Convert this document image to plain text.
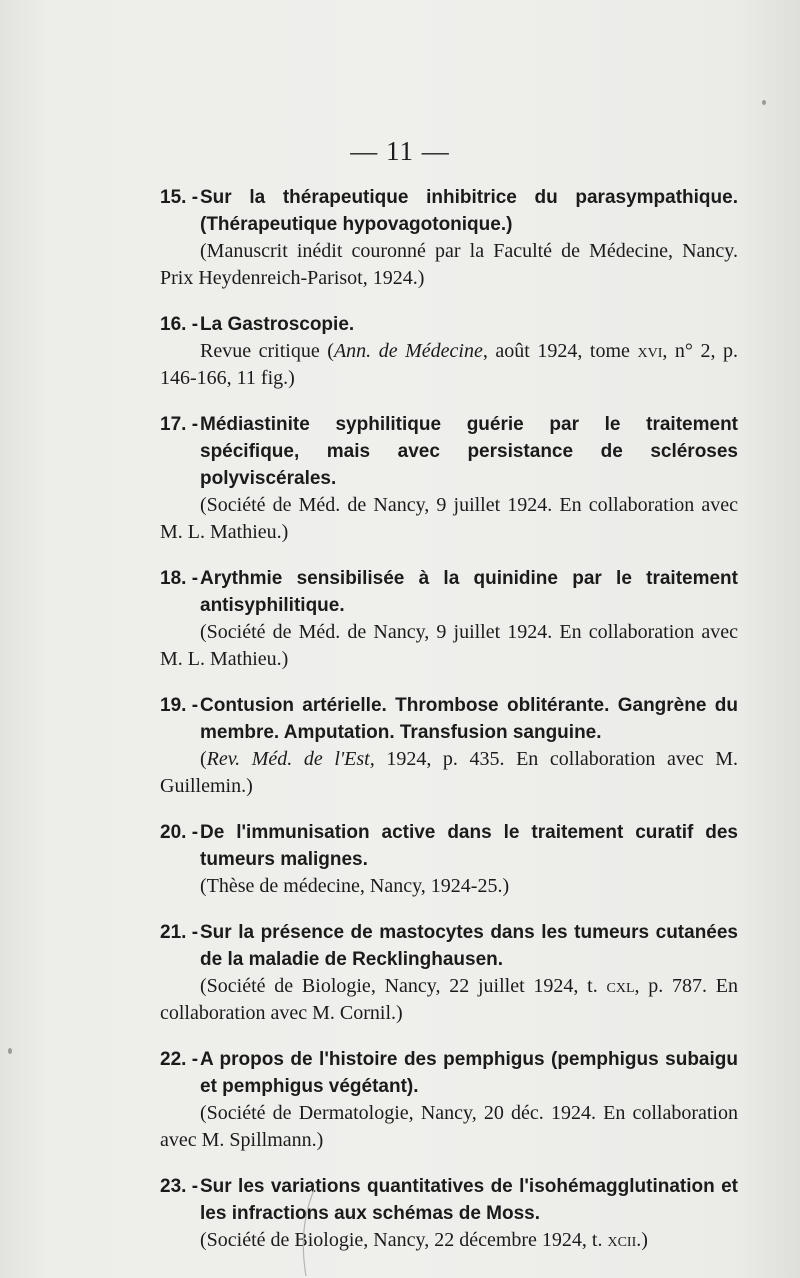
— 11 —
15. - Sur la thérapeutique inhibitrice du parasympathique. (Thérapeutique hypovagotonique.)
(Manuscrit inédit couronné par la Faculté de Médecine, Nancy. Prix Heydenreich-Parisot, 1924.)
16. - La Gastroscopie.
Revue critique (Ann. de Médecine, août 1924, tome xvi, n° 2, p. 146-166, 11 fig.)
17. - Médiastinite syphilitique guérie par le traitement spécifique, mais avec persistance de scléroses polyviscérales.
(Société de Méd. de Nancy, 9 juillet 1924. En collaboration avec M. L. Mathieu.)
18. - Arythmie sensibilisée à la quinidine par le traitement antisyphilitique.
(Société de Méd. de Nancy, 9 juillet 1924. En collaboration avec M. L. Mathieu.)
19. - Contusion artérielle. Thrombose oblitérante. Gangrène du membre. Amputation. Transfusion sanguine.
(Rev. Méd. de l'Est, 1924, p. 435. En collaboration avec M. Guillemin.)
20. - De l'immunisation active dans le traitement curatif des tumeurs malignes.
(Thèse de médecine, Nancy, 1924-25.)
21. - Sur la présence de mastocytes dans les tumeurs cutanées de la maladie de Recklinghausen.
(Société de Biologie, Nancy, 22 juillet 1924, t. cxl, p. 787. En collaboration avec M. Cornil.)
22. - A propos de l'histoire des pemphigus (pemphigus subaigu et pemphigus végétant).
(Société de Dermatologie, Nancy, 20 déc. 1924. En collaboration avec M. Spillmann.)
23. - Sur les variations quantitatives de l'isohémagglutination et les infractions aux schémas de Moss.
(Société de Biologie, Nancy, 22 décembre 1924, t. xcii.)
